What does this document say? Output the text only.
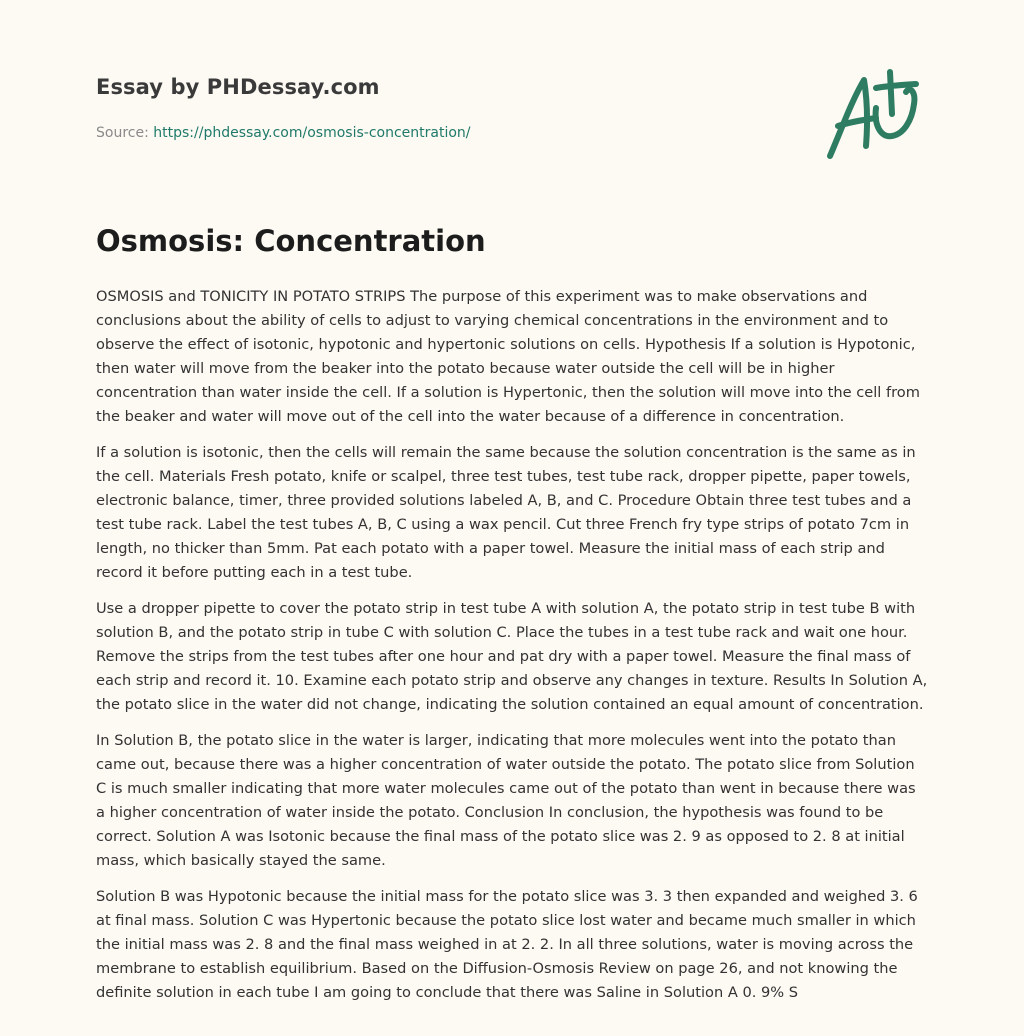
Essay by PHDessay.com

Source: https://phdessay.com/osmosis-concentration/
Osmosis: Concentration

OSMOSIS and TONICITY IN POTATO STRIPS The purpose of this experiment was to make observations and conclusions about the ability of cells to adjust to varying chemical concentrations in the environment and to observe the effect of isotonic, hypotonic and hypertonic solutions on cells. Hypothesis If a solution is Hypotonic, then water will move from the beaker into the potato because water outside the cell will be in higher concentration than water inside the cell. If a solution is Hypertonic, then the solution will move into the cell from the beaker and water will move out of the cell into the water because of a difference in concentration.

If a solution is isotonic, then the cells will remain the same because the solution concentration is the same as in the cell. Materials Fresh potato, knife or scalpel, three test tubes, test tube rack, dropper pipette, paper towels, electronic balance, timer, three provided solutions labeled A, B, and C. Procedure Obtain three test tubes and a test tube rack. Label the test tubes A, B, C using a wax pencil. Cut three French fry type strips of potato 7cm in length, no thicker than 5mm. Pat each potato with a paper towel. Measure the initial mass of each strip and record it before putting each in a test tube.

Use a dropper pipette to cover the potato strip in test tube A with solution A, the potato strip in test tube B with solution B, and the potato strip in tube C with solution C. Place the tubes in a test tube rack and wait one hour. Remove the strips from the test tubes after one hour and pat dry with a paper towel. Measure the final mass of each strip and record it. 10. Examine each potato strip and observe any changes in texture. Results In Solution A, the potato slice in the water did not change, indicating the solution contained an equal amount of concentration.

In Solution B, the potato slice in the water is larger, indicating that more molecules went into the potato than came out, because there was a higher concentration of water outside the potato. The potato slice from Solution C is much smaller indicating that more water molecules came out of the potato than went in because there was a higher concentration of water inside the potato. Conclusion In conclusion, the hypothesis was found to be correct. Solution A was Isotonic because the final mass of the potato slice was 2. 9 as opposed to 2. 8 at initial mass, which basically stayed the same.

Solution B was Hypotonic because the initial mass for the potato slice was 3. 3 then expanded and weighed 3. 6 at final mass. Solution C was Hypertonic because the potato slice lost water and became much smaller in which the initial mass was 2. 8 and the final mass weighed in at 2. 2. In all three solutions, water is moving across the membrane to establish equilibrium. Based on the Diffusion-Osmosis Review on page 26, and not knowing the definite solution in each tube I am going to conclude that there was Saline in Solution A 0. 9% S
